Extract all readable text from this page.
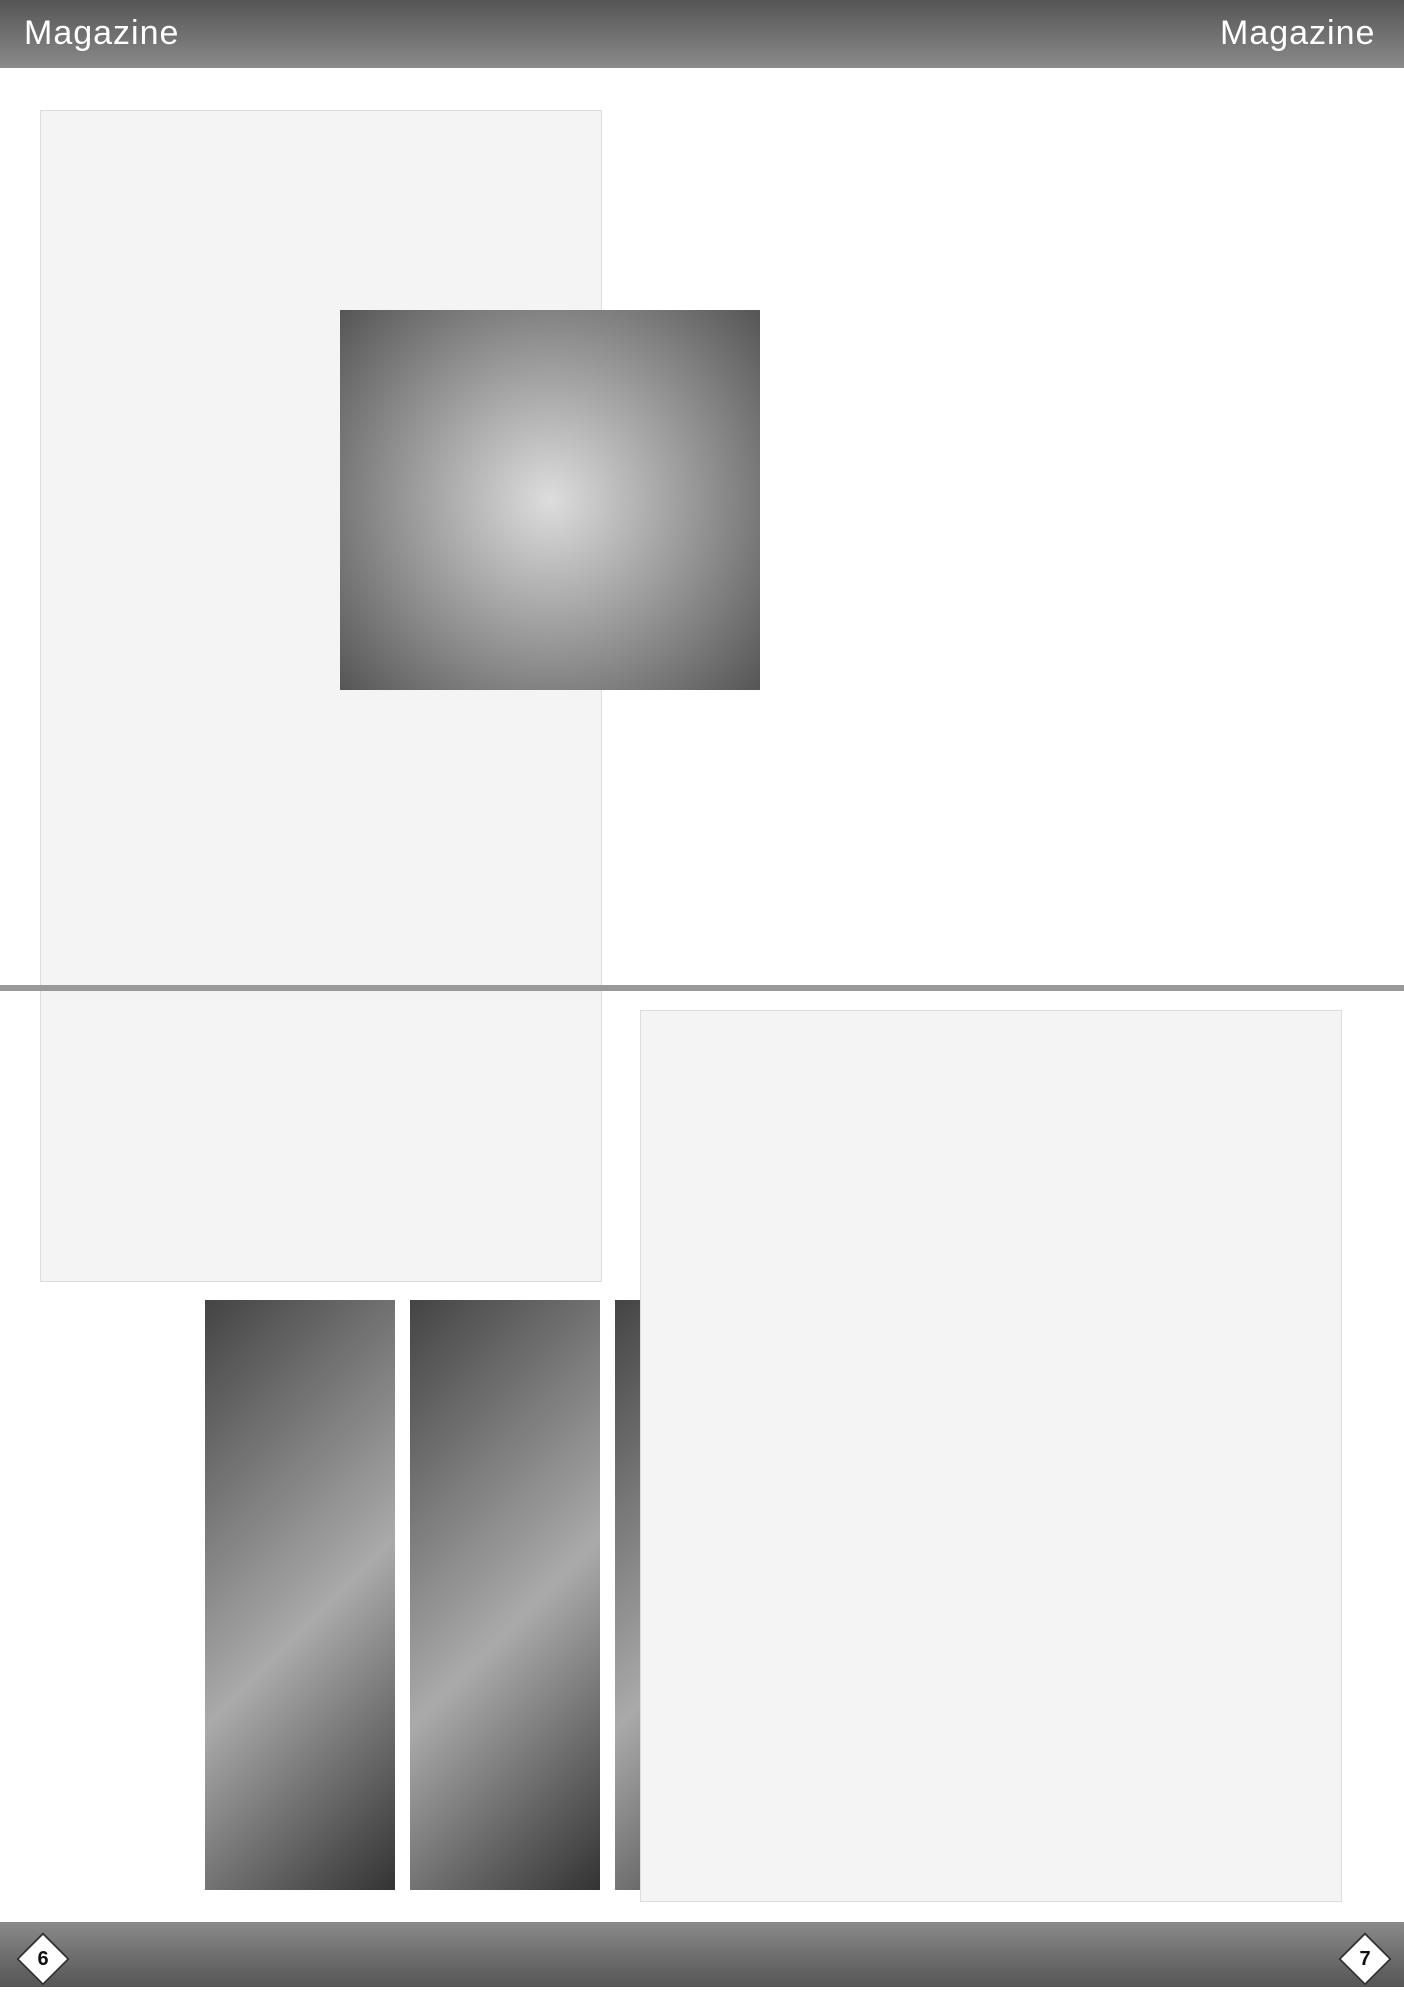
Magazine	Magazine
6	7
